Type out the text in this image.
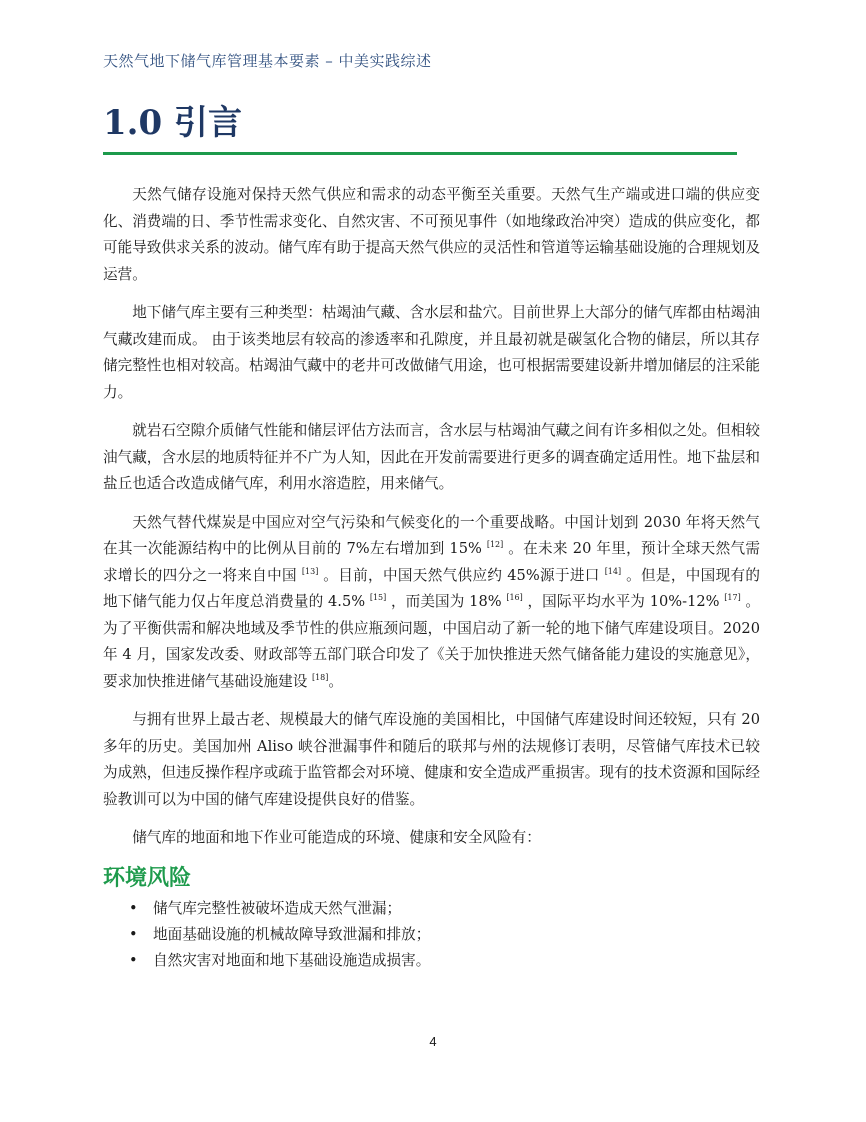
天然气地下储气库管理基本要素 – 中美实践综述
1.0 引言

天然气储存设施对保持天然气供应和需求的动态平衡至关重要。天然气生产端或进口端的供应变化、消费端的日、季节性需求变化、自然灾害、不可预见事件（如地缘政治冲突）造成的供应变化，都可能导致供求关系的波动。储气库有助于提高天然气供应的灵活性和管道等运输基础设施的合理规划及运营。

地下储气库主要有三种类型：枯竭油气藏、含水层和盐穴。目前世界上大部分的储气库都由枯竭油气藏改建而成。 由于该类地层有较高的渗透率和孔隙度，并且最初就是碳氢化合物的储层，所以其存储完整性也相对较高。枯竭油气藏中的老井可改做储气用途，也可根据需要建设新井增加储层的注采能力。

就岩石空隙介质储气性能和储层评估方法而言，含水层与枯竭油气藏之间有许多相似之处。但相较油气藏，含水层的地质特征并不广为人知，因此在开发前需要进行更多的调查确定适用性。地下盐层和盐丘也适合改造成储气库，利用水溶造腔，用来储气。

天然气替代煤炭是中国应对空气污染和气候变化的一个重要战略。中国计划到 2030 年将天然气在其一次能源结构中的比例从目前的 7%左右增加到 15% [12] 。在未来 20 年里，预计全球天然气需求增长的四分之一将来自中国 [13] 。目前，中国天然气供应约 45%源于进口 [14] 。但是，中国现有的地下储气能力仅占年度总消费量的 4.5% [15] ，而美国为 18% [16] ，国际平均水平为 10%-12% [17] 。为了平衡供需和解决地域及季节性的供应瓶颈问题，中国启动了新一轮的地下储气库建设项目。2020 年 4 月，国家发改委、财政部等五部门联合印发了《关于加快推进天然气储备能力建设的实施意见》，要求加快推进储气基础设施建设 [18]。

与拥有世界上最古老、规模最大的储气库设施的美国相比，中国储气库建设时间还较短，只有 20 多年的历史。美国加州 Aliso 峡谷泄漏事件和随后的联邦与州的法规修订表明，尽管储气库技术已较为成熟，但违反操作程序或疏于监管都会对环境、健康和安全造成严重损害。现有的技术资源和国际经验教训可以为中国的储气库建设提供良好的借鉴。

储气库的地面和地下作业可能造成的环境、健康和安全风险有：

环境风险
• 储气库完整性被破坏造成天然气泄漏；
• 地面基础设施的机械故障导致泄漏和排放；
• 自然灾害对地面和地下基础设施造成损害。
4
